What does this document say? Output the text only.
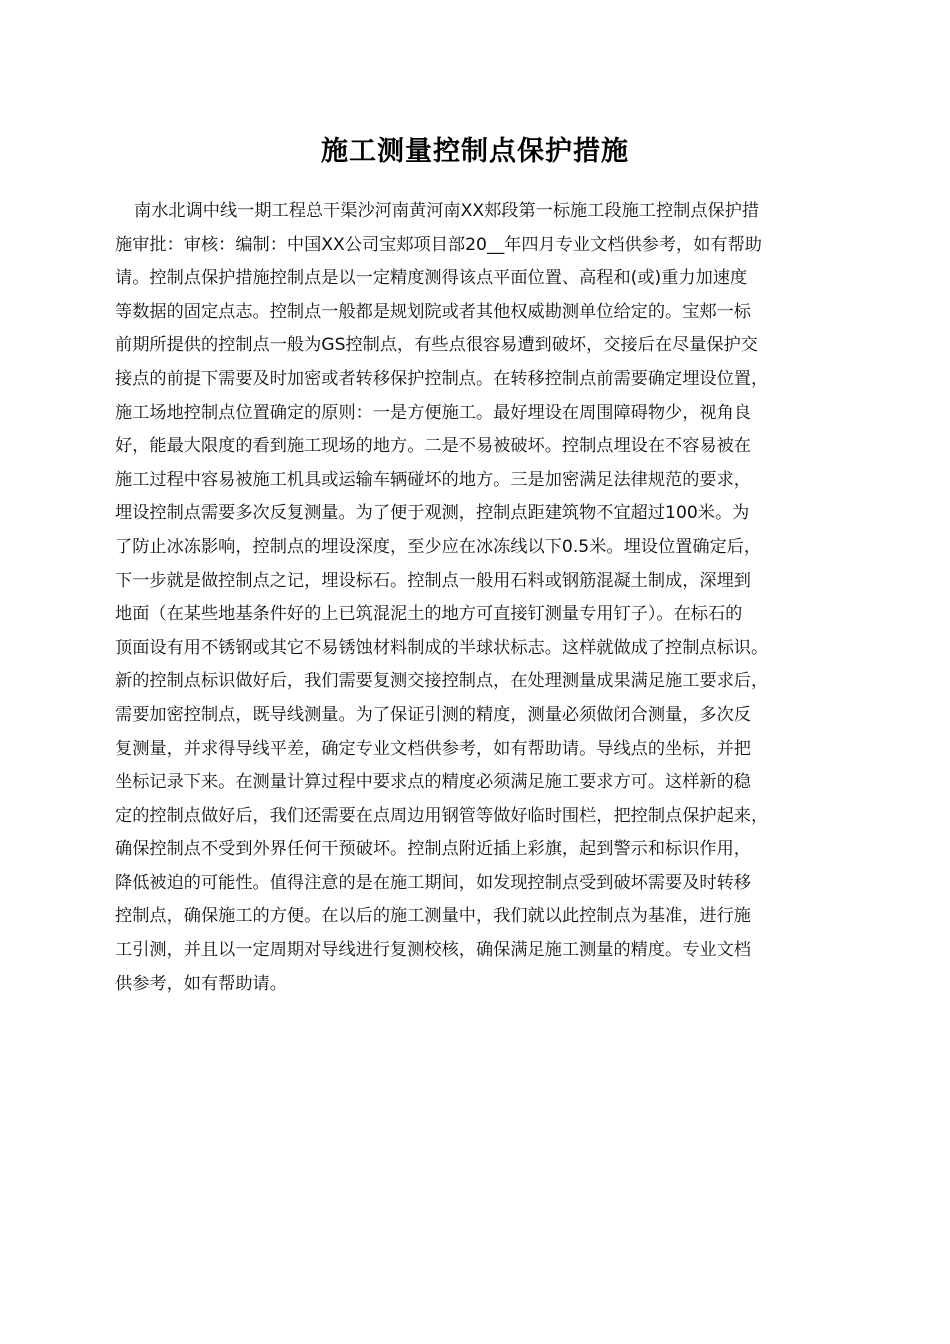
施工测量控制点保护措施
南水北调中线一期工程总干渠沙河南黄河南XX郏段第一标施工段施工控制点保护措
施审批：审核：编制：中国XX公司宝郏项目部20__年四月专业文档供参考，如有帮助
请。控制点保护措施控制点是以一定精度测得该点平面位置、高程和(或)重力加速度
等数据的固定点志。控制点一般都是规划院或者其他权威勘测单位给定的。宝郏一标
前期所提供的控制点一般为GS控制点，有些点很容易遭到破坏，交接后在尽量保护交
接点的前提下需要及时加密或者转移保护控制点。在转移控制点前需要确定埋设位置，
施工场地控制点位置确定的原则：一是方便施工。最好埋设在周围障碍物少，视角良
好，能最大限度的看到施工现场的地方。二是不易被破坏。控制点埋设在不容易被在
施工过程中容易被施工机具或运输车辆碰坏的地方。三是加密满足法律规范的要求，
埋设控制点需要多次反复测量。为了便于观测，控制点距建筑物不宜超过100米。为
了防止冰冻影响，控制点的埋设深度，至少应在冰冻线以下0.5米。埋设位置确定后，
下一步就是做控制点之记，埋设标石。控制点一般用石料或钢筋混凝土制成，深埋到
地面（在某些地基条件好的上已筑混泥土的地方可直接钉测量专用钉子）。在标石的
顶面设有用不锈钢或其它不易锈蚀材料制成的半球状标志。这样就做成了控制点标识。
新的控制点标识做好后，我们需要复测交接控制点，在处理测量成果满足施工要求后，
需要加密控制点，既导线测量。为了保证引测的精度，测量必须做闭合测量，多次反
复测量，并求得导线平差，确定专业文档供参考，如有帮助请。导线点的坐标，并把
坐标记录下来。在测量计算过程中要求点的精度必须满足施工要求方可。这样新的稳
定的控制点做好后，我们还需要在点周边用钢管等做好临时围栏，把控制点保护起来，
确保控制点不受到外界任何干预破坏。控制点附近插上彩旗，起到警示和标识作用，
降低被迫的可能性。值得注意的是在施工期间，如发现控制点受到破坏需要及时转移
控制点，确保施工的方便。在以后的施工测量中，我们就以此控制点为基准，进行施
工引测，并且以一定周期对导线进行复测校核，确保满足施工测量的精度。专业文档
供参考，如有帮助请。
